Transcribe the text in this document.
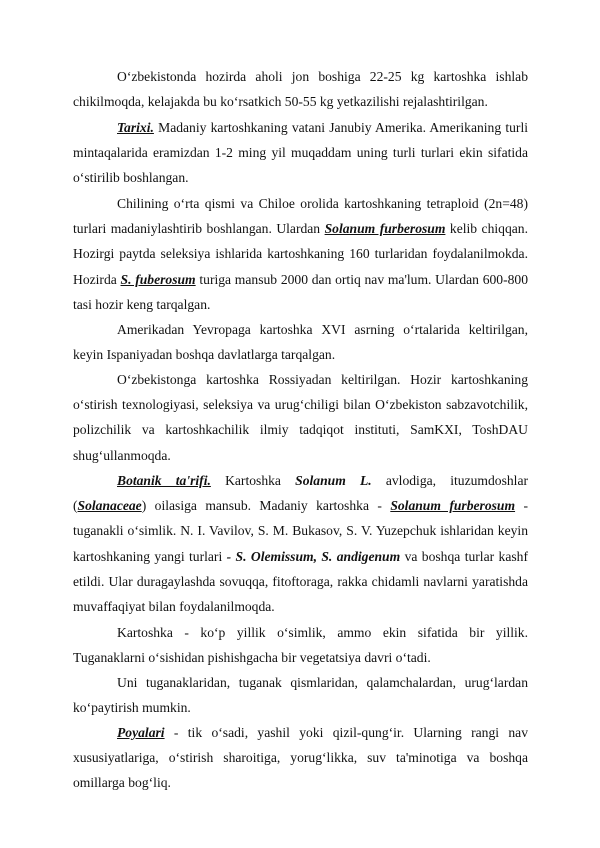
O‘zbekistonda hozirda aholi jon boshiga 22-25 kg kartoshka ishlab chikilmoqda, kelajakda bu ko‘rsatkich 50-55 kg yetkazilishi rejalashtirilgan.

Tarixi. Madaniy kartoshkaning vatani Janubiy Amerika. Amerikaning turli mintaqalarida eramizdan 1-2 ming yil muqaddam uning turli turlari ekin sifatida o‘stirilib boshlangan.

Chilining o‘rta qismi va Chiloe orolida kartoshkaning tetraploid (2n=48) turlari madaniylashtirib boshlangan. Ulardan Solanum furberosum kelib chiqqan. Hozirgi paytda seleksiya ishlarida kartoshkaning 160 turlaridan foydalanilmokda. Hozirda S. fuberosum turiga mansub 2000 dan ortiq nav ma'lum. Ulardan 600-800 tasi hozir keng tarqalgan.

Amerikadan Yevropaga kartoshka XVI asrning o‘rtalarida keltirilgan, keyin Ispaniyadan boshqa davlatlarga tarqalgan.

O‘zbekistonga kartoshka Rossiyadan keltirilgan. Hozir kartoshkaning o‘stirish texnologiyasi, seleksiya va urug‘chiligi bilan O‘zbekiston sabzavotchilik, polizchilik va kartoshkachilik ilmiy tadqiqot instituti, SamKXI, ToshDAU shug‘ullanmoqda.

Botanik ta'rifi. Kartoshka Solanum L. avlodiga, ituzumdoshlar (Solanaceae) oilasiga mansub. Madaniy kartoshka - Solanum furberosum - tuganakli o‘simlik. N. I. Vavilov, S. M. Bukasov, S. V. Yuzepchuk ishlaridan keyin kartoshkaning yangi turlari - S. Olemissum, S. andigenum va boshqa turlar kashf etildi. Ular duragaylashda sovuqqa, fitoftoraga, rakka chidamli navlarni yaratishda muvaffaqiyat bilan foydalanilmoqda.

Kartoshka - ko‘p yillik o‘simlik, ammo ekin sifatida bir yillik. Tuganaklarni o‘sishidan pishishgacha bir vegetatsiya davri o‘tadi.

Uni tuganaklaridan, tuganak qismlaridan, qalamchalardan, urug‘lardan ko‘paytirish mumkin.

Poyalari - tik o‘sadi, yashil yoki qizil-qung‘ir. Ularning rangi nav xususiyatlariga, o‘stirish sharoitiga, yorug‘likka, suv ta'minotiga va boshqa omillarga bog‘liq.
